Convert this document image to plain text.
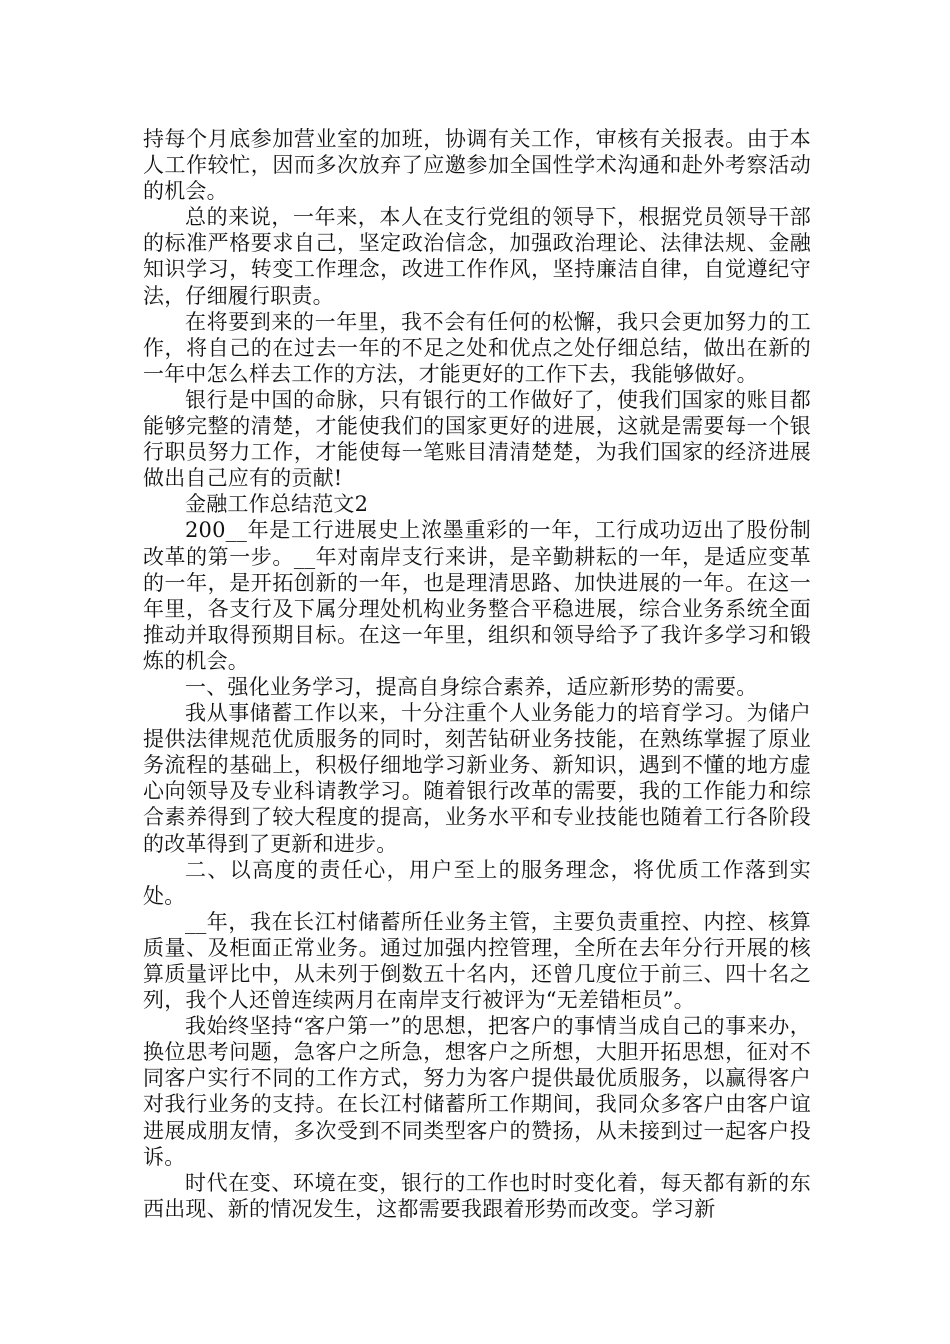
持每个月底参加营业室的加班，协调有关工作，审核有关报表。由于本人工作较忙，因而多次放弃了应邀参加全国性学术沟通和赴外考察活动的机会。

总的来说，一年来，本人在支行党组的领导下，根据党员领导干部的标准严格要求自己，坚定政治信念，加强政治理论、法律法规、金融知识学习，转变工作理念，改进工作作风，坚持廉洁自律，自觉遵纪守法，仔细履行职责。

在将要到来的一年里，我不会有任何的松懈，我只会更加努力的工作，将自己的在过去一年的不足之处和优点之处仔细总结，做出在新的一年中怎么样去工作的方法，才能更好的工作下去，我能够做好。

银行是中国的命脉，只有银行的工作做好了，使我们国家的账目都能够完整的清楚，才能使我们的国家更好的进展，这就是需要每一个银行职员努力工作，才能使每一笔账目清清楚楚，为我们国家的经济进展做出自己应有的贡献!

金融工作总结范文2

200__年是工行进展史上浓墨重彩的一年，工行成功迈出了股份制改革的第一步。__年对南岸支行来讲，是辛勤耕耘的一年，是适应变革的一年，是开拓创新的一年，也是理清思路、加快进展的一年。在这一年里，各支行及下属分理处机构业务整合平稳进展，综合业务系统全面推动并取得预期目标。在这一年里，组织和领导给予了我许多学习和锻炼的机会。

一、强化业务学习，提高自身综合素养，适应新形势的需要。

我从事储蓄工作以来，十分注重个人业务能力的培育学习。为储户提供法律规范优质服务的同时，刻苦钻研业务技能，在熟练掌握了原业务流程的基础上，积极仔细地学习新业务、新知识，遇到不懂的地方虚心向领导及专业科请教学习。随着银行改革的需要，我的工作能力和综合素养得到了较大程度的提高，业务水平和专业技能也随着工行各阶段的改革得到了更新和进步。

二、以高度的责任心，用户至上的服务理念，将优质工作落到实处。

__年，我在长江村储蓄所任业务主管，主要负责重控、内控、核算质量、及柜面正常业务。通过加强内控管理，全所在去年分行开展的核算质量评比中，从未列于倒数五十名内，还曾几度位于前三、四十名之列，我个人还曾连续两月在南岸支行被评为“无差错柜员”。

我始终坚持“客户第一”的思想，把客户的事情当成自己的事来办，换位思考问题，急客户之所急，想客户之所想，大胆开拓思想，征对不同客户实行不同的工作方式，努力为客户提供最优质服务，以赢得客户对我行业务的支持。在长江村储蓄所工作期间，我同众多客户由客户谊进展成朋友情，多次受到不同类型客户的赞扬，从未接到过一起客户投诉。

时代在变、环境在变，银行的工作也时时变化着，每天都有新的东西出现、新的情况发生，这都需要我跟着形势而改变。学习新
